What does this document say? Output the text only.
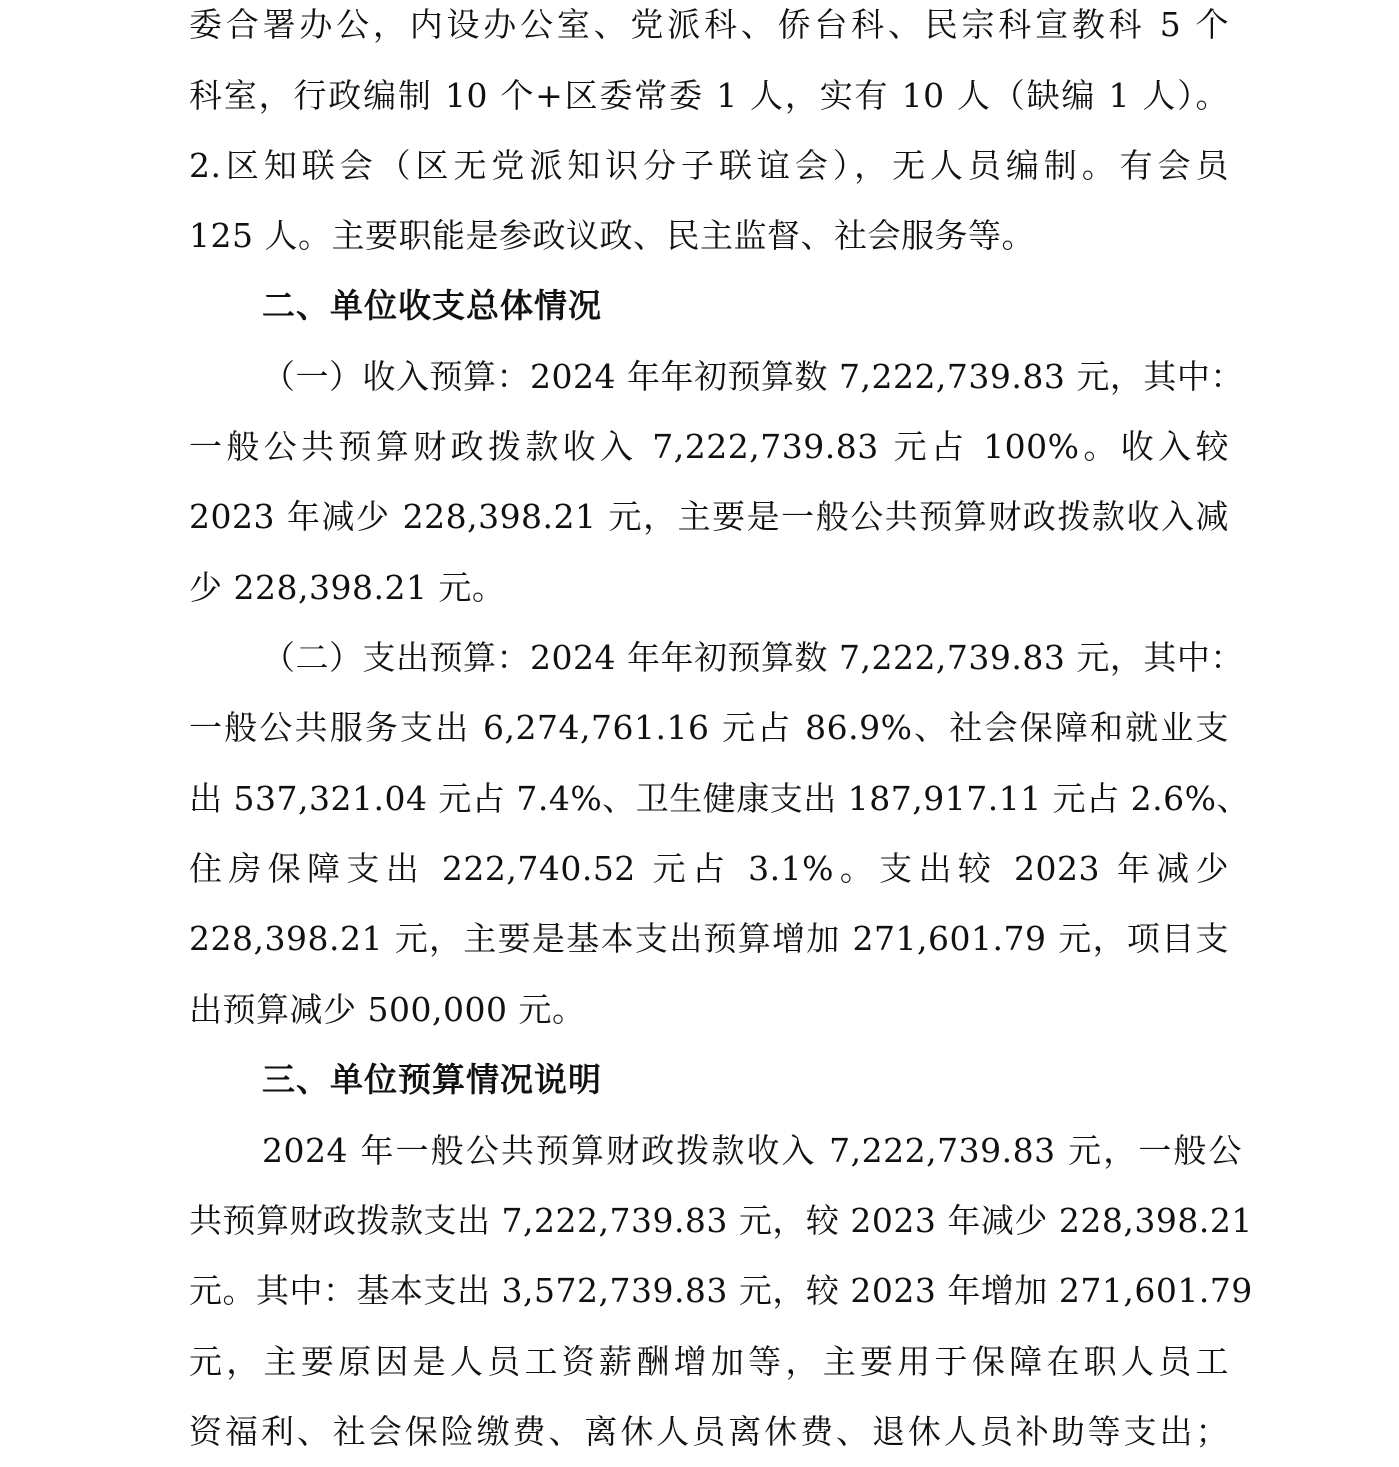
委合署办公，内设办公室、党派科、侨台科、民宗科宣教科 5 个
科室，行政编制 10 个+区委常委 1 人，实有 10 人（缺编 1 人）。
2.区知联会（区无党派知识分子联谊会），无人员编制。有会员
125 人。主要职能是参政议政、民主监督、社会服务等。
二、单位收支总体情况
（一）收入预算：2024 年年初预算数 7,222,739.83 元，其中：
一般公共预算财政拨款收入 7,222,739.83 元占 100%。收入较
2023 年减少 228,398.21 元，主要是一般公共预算财政拨款收入减
少 228,398.21 元。
（二）支出预算：2024 年年初预算数 7,222,739.83 元，其中：
一般公共服务支出 6,274,761.16 元占 86.9%、社会保障和就业支
出 537,321.04 元占 7.4%、卫生健康支出 187,917.11 元占 2.6%、
住房保障支出 222,740.52 元占 3.1%。支出较 2023 年减少
228,398.21 元，主要是基本支出预算增加 271,601.79 元，项目支
出预算减少 500,000 元。
三、单位预算情况说明
2024 年一般公共预算财政拨款收入 7,222,739.83 元，一般公
共预算财政拨款支出 7,222,739.83 元，较 2023 年减少 228,398.21
元。其中：基本支出 3,572,739.83 元，较 2023 年增加 271,601.79
元，主要原因是人员工资薪酬增加等，主要用于保障在职人员工
资福利、社会保险缴费、离休人员离休费、退休人员补助等支出；
